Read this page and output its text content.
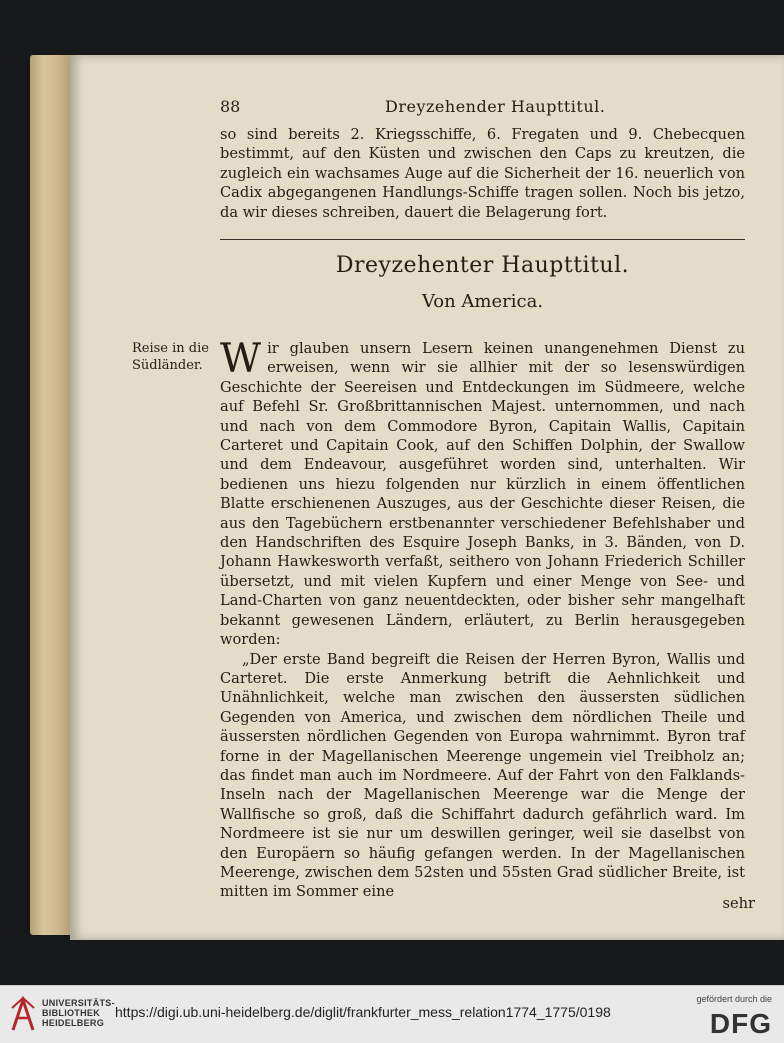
88	Dreyzehender Haupttitul.
so sind bereits 2. Kriegsschiffe, 6. Fregaten und 9. Chebecquen bestimmt, auf den Küsten und zwischen den Caps zu kreutzen, die zugleich ein wachsames Auge auf die Sicherheit der 16. neuerlich von Cadix abgegangenen Handlungs-Schiffe tragen sollen. Noch bis jetzo, da wir dieses schreiben, dauert die Belagerung fort.
Dreyzehenter Haupttitul.
Von America.
Reise in die Südländer. W ir glauben unsern Lesern keinen unangenehmen Dienst zu erweisen, wenn wir sie allhier mit der so lesenswürdigen Geschichte der Seereisen und Entdeckungen im Südmeere, welche auf Befehl Sr. Großbrittannischen Majest. unternommen, und nach und nach von dem Commodore Byron, Capitain Wallis, Capitain Carteret und Capitain Cook, auf den Schiffen Dolphin, der Swallow und dem Endeavour, ausgeführet worden sind, unterhalten. Wir bedienen uns hiezu folgenden nur kürzlich in einem öffentlichen Blatte erschienenen Auszuges, aus der Geschichte dieser Reisen, die aus den Tagebüchern erstbenannter verschiedener Befehlshaber und den Handschriften des Esquire Joseph Banks, in 3. Bänden, von D. Johann Hawkesworth verfaßt, seithero von Johann Friederich Schiller übersetzt, und mit vielen Kupfern und einer Menge von See- und Land-Charten von ganz neuentdeckten, oder bisher sehr mangelhaft bekannt gewesenen Ländern, erläutert, zu Berlin herausgegeben worden:
„Der erste Band begreift die Reisen der Herren Byron, Wallis und Carteret. Die erste Anmerkung betrift die Aehnlichkeit und Unähnlichkeit, welche man zwischen den äussersten südlichen Gegenden von America, und zwischen dem nördlichen Theile und äussersten nördlichen Gegenden von Europa wahrnimmt. Byron traf forne in der Magellanischen Meerenge ungemein viel Treibholz an; das findet man auch im Nordmeere. Auf der Fahrt von den Falklands-Inseln nach der Magellanischen Meerenge war die Menge der Wallfische so groß, daß die Schiffahrt dadurch gefährlich ward. Im Nordmeere ist sie nur um deswillen geringer, weil sie daselbst von den Europäern so häufig gefangen werden. In der Magellanischen Meerenge, zwischen dem 52sten und 55sten Grad südlicher Breite, ist mitten im Sommer eine
sehr
UNIVERSITÄTS-
BIBLIOTHEK
HEIDELBERG
https://digi.ub.uni-heidelberg.de/diglit/frankfurter_mess_relation1774_1775/0198
gefördert durch die
DFG
